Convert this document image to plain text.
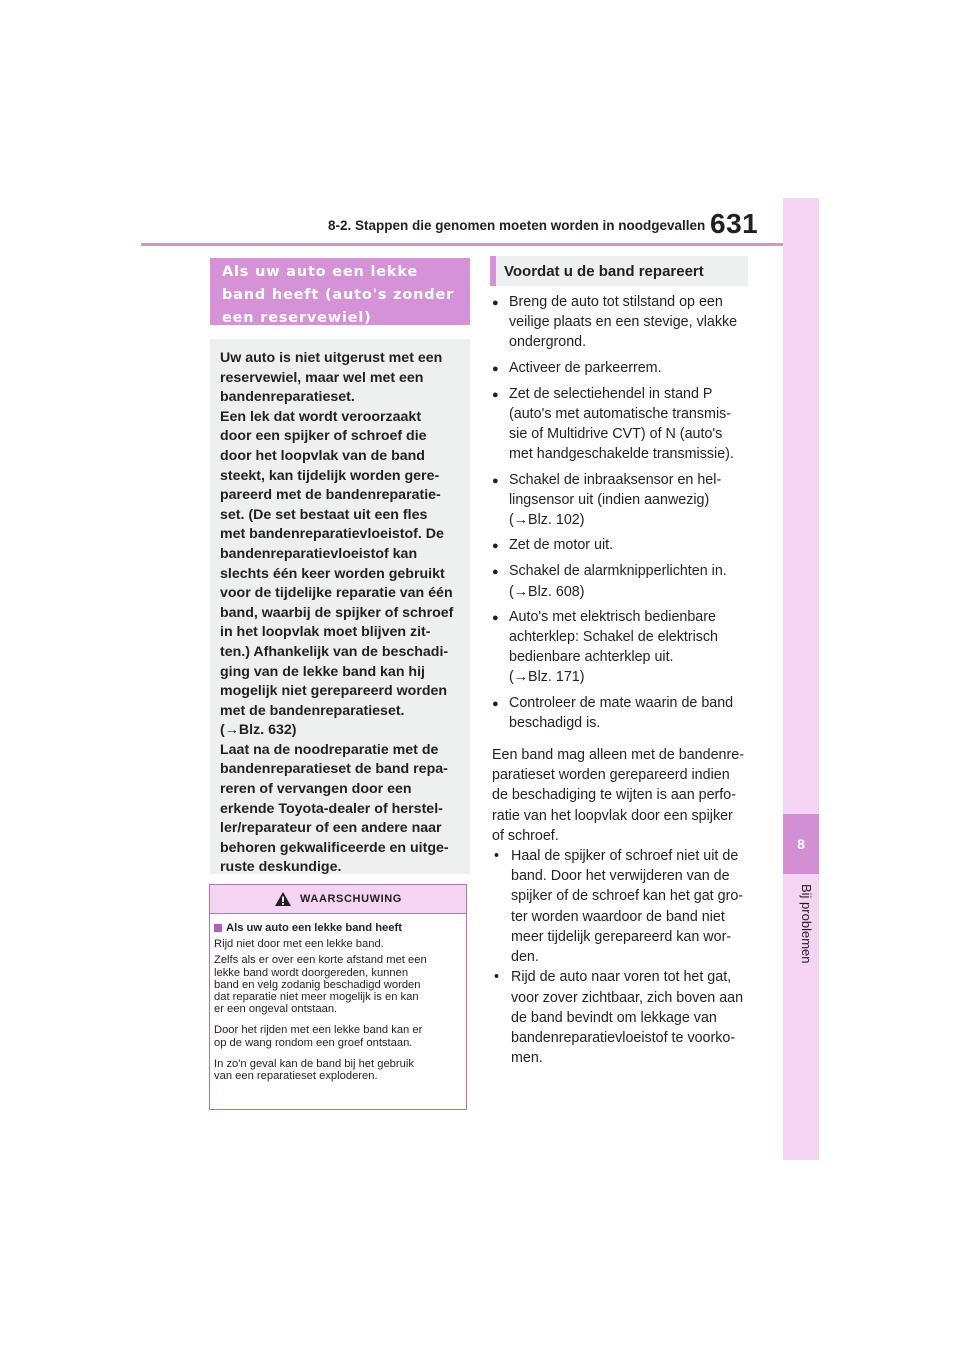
8-2. Stappen die genomen moeten worden in noodgevallen 631
8
Bij problemen
Als uw auto een lekke
band heeft (auto's zonder
een reservewiel)
Uw auto is niet uitgerust met een
reservewiel, maar wel met een
bandenreparatieset.
Een lek dat wordt veroorzaakt
door een spijker of schroef die
door het loopvlak van de band
steekt, kan tijdelijk worden gere-
pareerd met de bandenreparatie-
set. (De set bestaat uit een fles
met bandenreparatievloeistof. De
bandenreparatievloeistof kan
slechts één keer worden gebruikt
voor de tijdelijke reparatie van één
band, waarbij de spijker of schroef
in het loopvlak moet blijven zit-
ten.) Afhankelijk van de beschadi-
ging van de lekke band kan hij
mogelijk niet gerepareerd worden
met de bandenreparatieset.
(→Blz. 632)
Laat na de noodreparatie met de
bandenreparatieset de band repa-
reren of vervangen door een
erkende Toyota-dealer of herstel-
ler/reparateur of een andere naar
behoren gekwalificeerde en uitge-
ruste deskundige.
WAARSCHUWING
Als uw auto een lekke band heeft

Rijd niet door met een lekke band.

Zelfs als er over een korte afstand met een
lekke band wordt doorgereden, kunnen
band en velg zodanig beschadigd worden
dat reparatie niet meer mogelijk is en kan
er een ongeval ontstaan.

Door het rijden met een lekke band kan er
op de wang rondom een groef ontstaan.

In zo'n geval kan de band bij het gebruik
van een reparatieset exploderen.

Voordat u de band repareert
● Breng de auto tot stilstand op een
veilige plaats en een stevige, vlakke
ondergrond.
● Activeer de parkeerrem.
● Zet de selectiehendel in stand P
(auto's met automatische transmis-
sie of Multidrive CVT) of N (auto's
met handgeschakelde transmissie).
● Schakel de inbraaksensor en hel-
lingsensor uit (indien aanwezig)
(→Blz. 102)
● Zet de motor uit.
● Schakel de alarmknipperlichten in.
(→Blz. 608)
● Auto's met elektrisch bedienbare
achterklep: Schakel de elektrisch
bedienbare achterklep uit.
(→Blz. 171)
● Controleer de mate waarin de band
beschadigd is.
Een band mag alleen met de bandenre-
paratieset worden gerepareerd indien
de beschadiging te wijten is aan perfo-
ratie van het loopvlak door een spijker
of schroef.
• Haal de spijker of schroef niet uit de
band. Door het verwijderen van de
spijker of de schroef kan het gat gro-
ter worden waardoor de band niet
meer tijdelijk gerepareerd kan wor-
den.
• Rijd de auto naar voren tot het gat,
voor zover zichtbaar, zich boven aan
de band bevindt om lekkage van
bandenreparatievloeistof te voorko-
men.
